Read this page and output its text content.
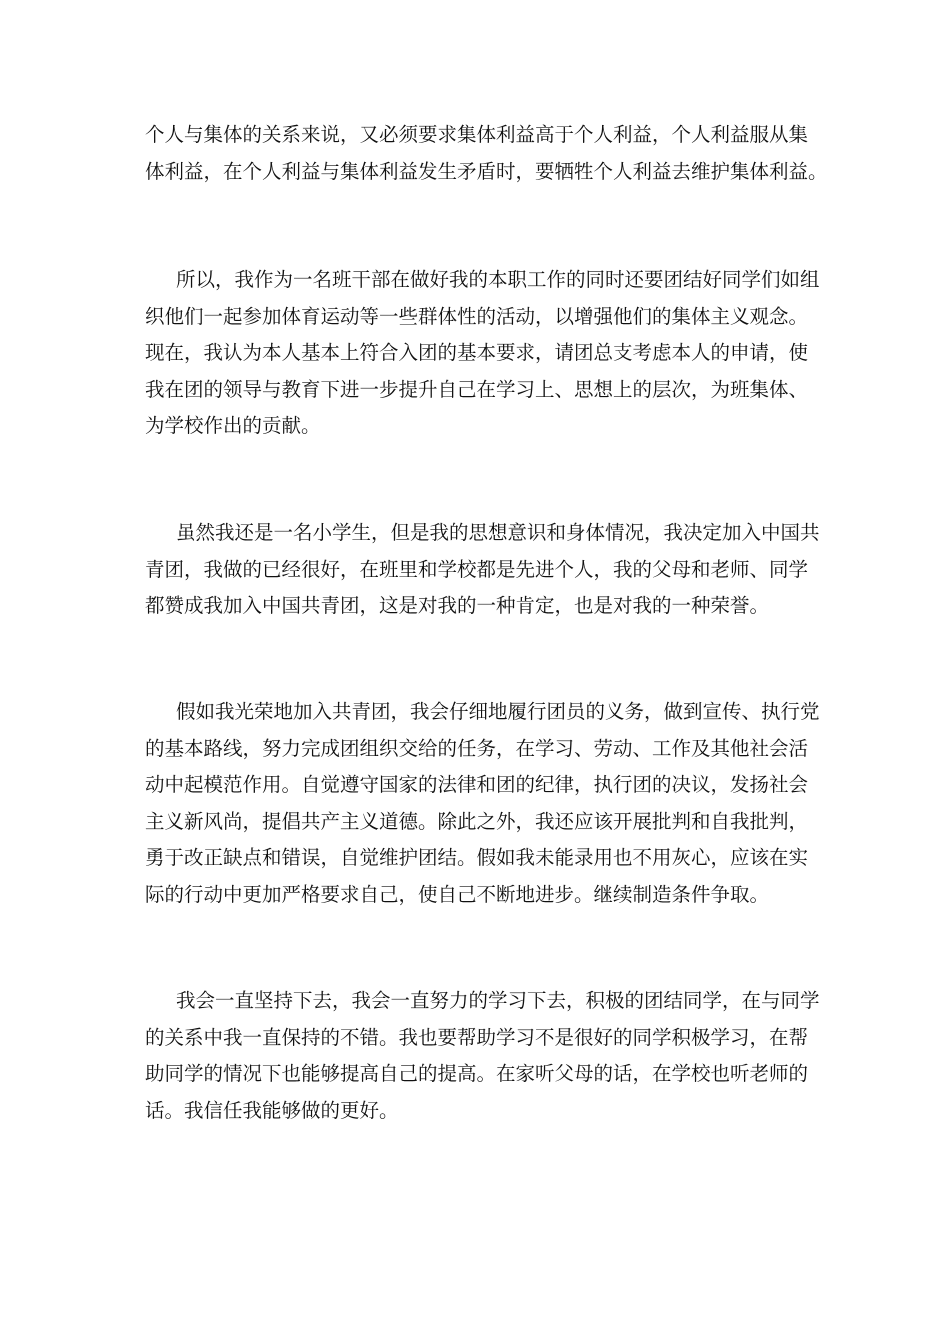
个人与集体的关系来说，又必须要求集体利益高于个人利益，个人利益服从集
体利益，在个人利益与集体利益发生矛盾时，要牺牲个人利益去维护集体利益。

所以，我作为一名班干部在做好我的本职工作的同时还要团结好同学们如组
织他们一起参加体育运动等一些群体性的活动，以增强他们的集体主义观念。
现在，我认为本人基本上符合入团的基本要求，请团总支考虑本人的申请，使
我在团的领导与教育下进一步提升自己在学习上、思想上的层次，为班集体、
为学校作出的贡献。

虽然我还是一名小学生，但是我的思想意识和身体情况，我决定加入中国共
青团，我做的已经很好，在班里和学校都是先进个人，我的父母和老师、同学
都赞成我加入中国共青团，这是对我的一种肯定，也是对我的一种荣誉。

假如我光荣地加入共青团，我会仔细地履行团员的义务，做到宣传、执行党
的基本路线，努力完成团组织交给的任务，在学习、劳动、工作及其他社会活
动中起模范作用。自觉遵守国家的法律和团的纪律，执行团的决议，发扬社会
主义新风尚，提倡共产主义道德。除此之外，我还应该开展批判和自我批判，
勇于改正缺点和错误，自觉维护团结。假如我未能录用也不用灰心，应该在实
际的行动中更加严格要求自己，使自己不断地进步。继续制造条件争取。

我会一直坚持下去，我会一直努力的学习下去，积极的团结同学，在与同学
的关系中我一直保持的不错。我也要帮助学习不是很好的同学积极学习，在帮
助同学的情况下也能够提高自己的提高。在家听父母的话，在学校也听老师的
话。我信任我能够做的更好。
